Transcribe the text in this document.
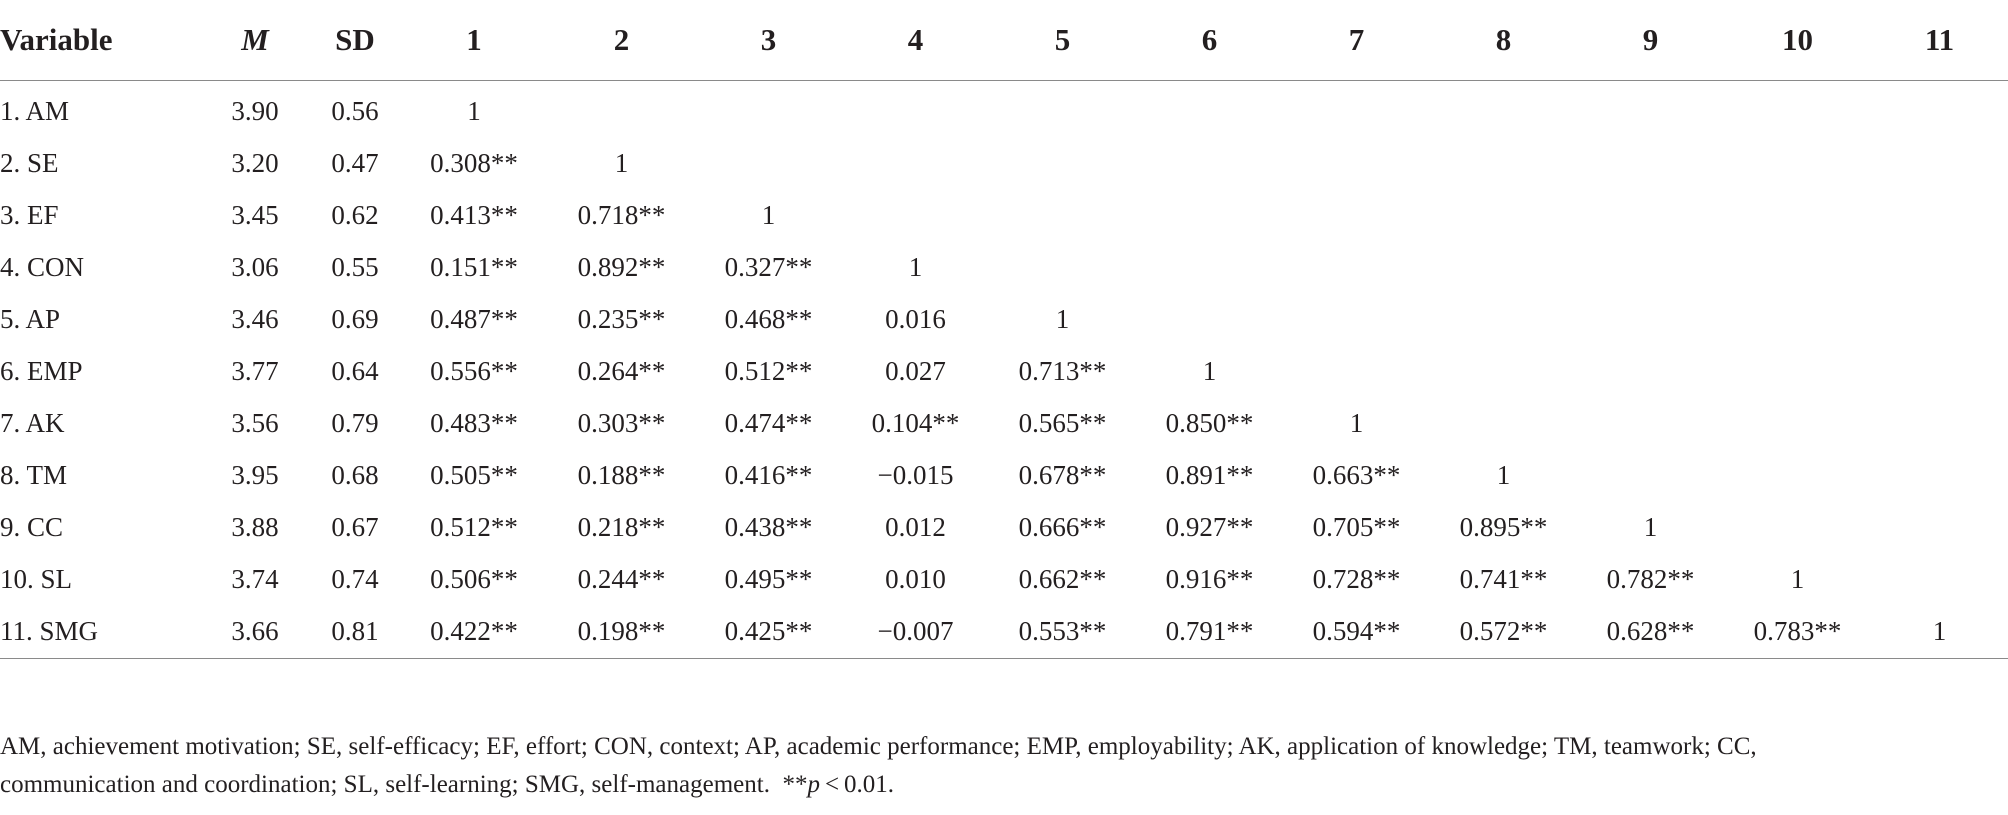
Variable	M	SD	1	2	3	4	5	6	7	8	9	10	11
1. AM	3.90	0.56	1										
2. SE	3.20	0.47	0.308**	1									
3. EF	3.45	0.62	0.413**	0.718**	1								
4. CON	3.06	0.55	0.151**	0.892**	0.327**	1							
5. AP	3.46	0.69	0.487**	0.235**	0.468**	0.016	1						
6. EMP	3.77	0.64	0.556**	0.264**	0.512**	0.027	0.713**	1					
7. AK	3.56	0.79	0.483**	0.303**	0.474**	0.104**	0.565**	0.850**	1				
8. TM	3.95	0.68	0.505**	0.188**	0.416**	−0.015	0.678**	0.891**	0.663**	1			
9. CC	3.88	0.67	0.512**	0.218**	0.438**	0.012	0.666**	0.927**	0.705**	0.895**	1		
10. SL	3.74	0.74	0.506**	0.244**	0.495**	0.010	0.662**	0.916**	0.728**	0.741**	0.782**	1	
11. SMG	3.66	0.81	0.422**	0.198**	0.425**	−0.007	0.553**	0.791**	0.594**	0.572**	0.628**	0.783**	1
AM, achievement motivation; SE, self-efficacy; EF, effort; CON, context; AP, academic performance; EMP, employability; AK, application of knowledge; TM, teamwork; CC, communication and coordination; SL, self-learning; SMG, self-management. **p < 0.01.
